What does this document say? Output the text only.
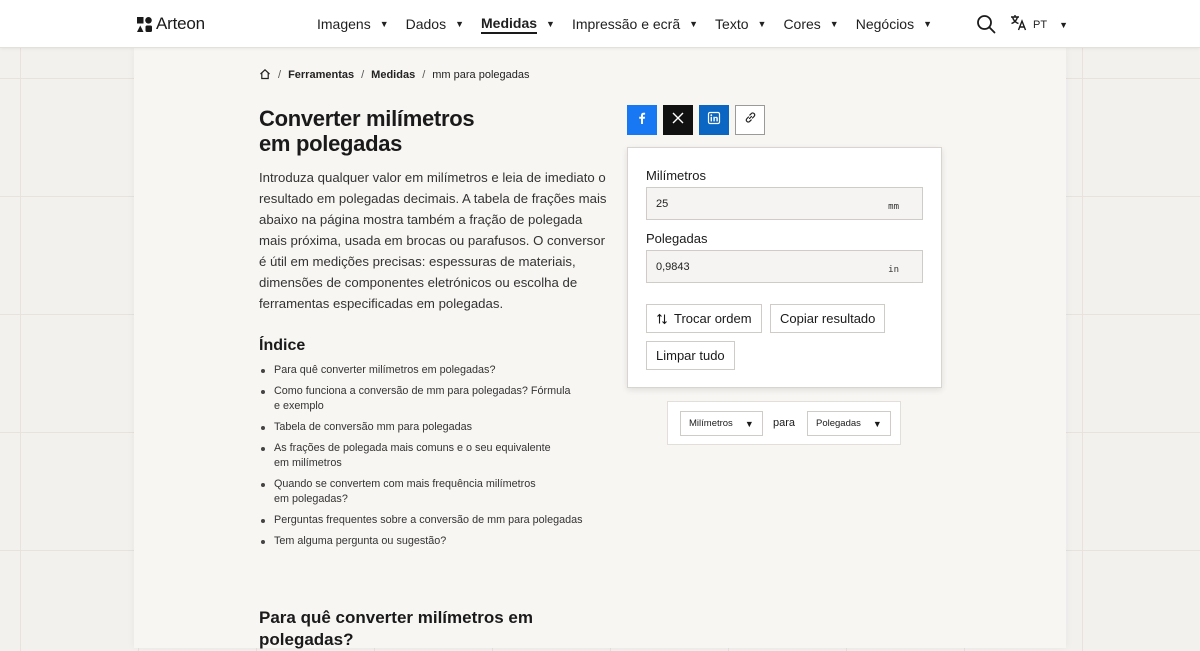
Arteon	Imagens ▼ Dados ▼ Medidas ▼ Impressão e ecrã ▼ Texto ▼ Cores ▼ Negócios ▼	PT ▼
/ Ferramentas / Medidas / mm para polegadas
Converter milímetros
em polegadas

Introduza qualquer valor em milímetros e leia de imediato o resultado em polegadas decimais. A tabela de frações mais abaixo na página mostra também a fração de polegada mais próxima, usada em brocas ou parafusos. O conversor é útil em medições precisas: espessuras de materiais, dimensões de componentes eletrónicos ou escolha de ferramentas especificadas em polegadas.

Índice
Para quê converter milímetros em polegadas?
Como funciona a conversão de mm para polegadas? Fórmula
e exemplo
Tabela de conversão mm para polegadas
As frações de polegada mais comuns e o seu equivalente
em milímetros
Quando se convertem com mais frequência milímetros
em polegadas?
Perguntas frequentes sobre a conversão de mm para polegadas
Tem alguma pergunta ou sugestão?
Para quê converter milímetros em polegadas?
Milímetros
25
mm
Polegadas
0,9843
in
Trocar ordem	Copiar resultado
Limpar tudo
Milímetros ▼ para Polegadas ▼
